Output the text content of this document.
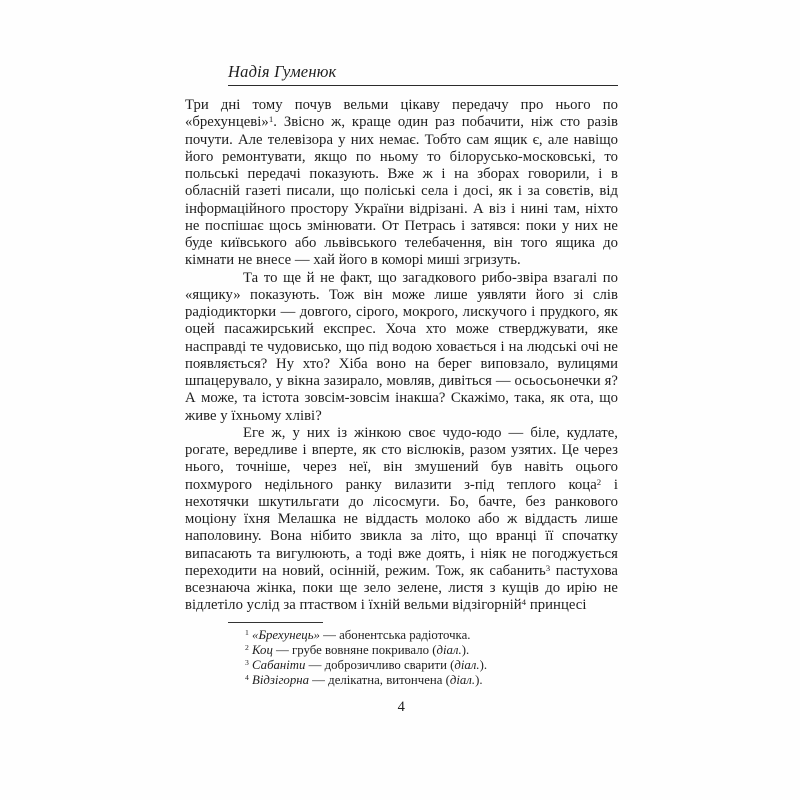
Надія Гуменюк

Три дні тому почув вельми цікаву передачу про нього по «брехунцеві»$^1$. Звісно ж, краще один раз побачити, ніж сто разів почути. Але телевізора у них немає. Тобто сам ящик є, але навіщо його ремонтувати, якщо по ньому то білорусько-московські, то польські передачі показують. Вже ж і на зборах говорили, і в обласній газеті писали, що поліські села і досі, як і за совєтів, від інформаційного простору України відрізані. А віз і нині там, ніхто не поспішає щось змінювати. От Петрась і затявся: поки у них не буде київського або львівського телебачення, він того ящика до кімнати не внесе — хай його в коморі миші згризуть.

Та то ще й не факт, що загадкового рибо-звіра взагалі по «ящику» показують. Тож він може лише уявляти його зі слів радіодикторки — довгого, сірого, мокрого, лискучого і прудкого, як оцей пасажирський експрес. Хоча хто може стверджувати, яке насправді те чудовисько, що під водою ховається і на людські очі не появляється? Ну хто? Хіба воно на берег виповзало, вулицями шпацерувало, у вікна зазирало, мовляв, дивіться — осьосьонечки я? А може, та істота зовсім-зовсім інакша? Скажімо, така, як ота, що живе у їхньому хліві?

Еге ж, у них із жінкою своє чудо-юдо — біле, кудлате, рогате, вередливе і вперте, як сто віслюків, разом узятих. Це через нього, точніше, через неї, він змушений був навіть оцього похмурого недільного ранку вилазити з-під теплого коца$^2$ і нехотячки шкутильгати до лісосмуги. Бо, бачте, без ранкового моціону їхня Мелашка не віддасть молоко або ж віддасть лише наполовину. Вона нібито звикла за літо, що вранці її спочатку випасають та вигулюють, а тоді вже доять, і ніяк не погоджується переходити на новий, осінній, режим. Тож, як сабанить$^3$ пастухова всезнаюча жінка, поки ще зело зелене, листя з кущів до ирію не відлетіло услід за птаством і їхній вельми відзігорній$^4$ принцесі

$^1$ «Брехунець» — абонентська радіоточка.

$^2$ Коц — грубе вовняне покривало (діал.).

$^3$ Сабаніти — доброзичливо сварити (діал.).

$^4$ Відзігорна — делікатна, витончена (діал.).

4
